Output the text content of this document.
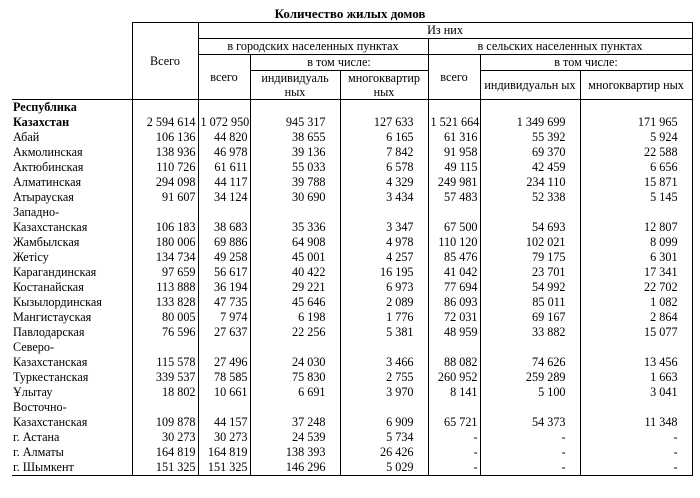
Количество жилых домов
	Всего	Из них					
		в городских населенных пунктах			в сельских населенных пунктах		
		всего	в том числе:		всего	в том числе:	
			индивидуаль ных	многоквартир ных		индивидуальн ых	многоквартир ных
Республика							
Казахстан	2 594 614	1 072 950	945 317	127 633	1 521 664	1 349 699	171 965
Абай	106 136	44 820	38 655	6 165	61 316	55 392	5 924
Акмолинская	138 936	46 978	39 136	7 842	91 958	69 370	22 588
Актюбинская	110 726	61 611	55 033	6 578	49 115	42 459	6 656
Алматинская	294 098	44 117	39 788	4 329	249 981	234 110	15 871
Атырауская	91 607	34 124	30 690	3 434	57 483	52 338	5 145
Западно-							
Казахстанская	106 183	38 683	35 336	3 347	67 500	54 693	12 807
Жамбылская	180 006	69 886	64 908	4 978	110 120	102 021	8 099
Жетісу	134 734	49 258	45 001	4 257	85 476	79 175	6 301
Карагандинская	97 659	56 617	40 422	16 195	41 042	23 701	17 341
Костанайская	113 888	36 194	29 221	6 973	77 694	54 992	22 702
Кызылординская	133 828	47 735	45 646	2 089	86 093	85 011	1 082
Мангистауская	80 005	7 974	6 198	1 776	72 031	69 167	2 864
Павлодарская	76 596	27 637	22 256	5 381	48 959	33 882	15 077
Северо-							
Казахстанская	115 578	27 496	24 030	3 466	88 082	74 626	13 456
Туркестанская	339 537	78 585	75 830	2 755	260 952	259 289	1 663
Ұлытау	18 802	10 661	6 691	3 970	8 141	5 100	3 041
Восточно-							
Казахстанская	109 878	44 157	37 248	6 909	65 721	54 373	11 348
г. Астана	30 273	30 273	24 539	5 734	-	-	-
г. Алматы	164 819	164 819	138 393	26 426	-	-	-
г. Шымкент	151 325	151 325	146 296	5 029	-	-	-
